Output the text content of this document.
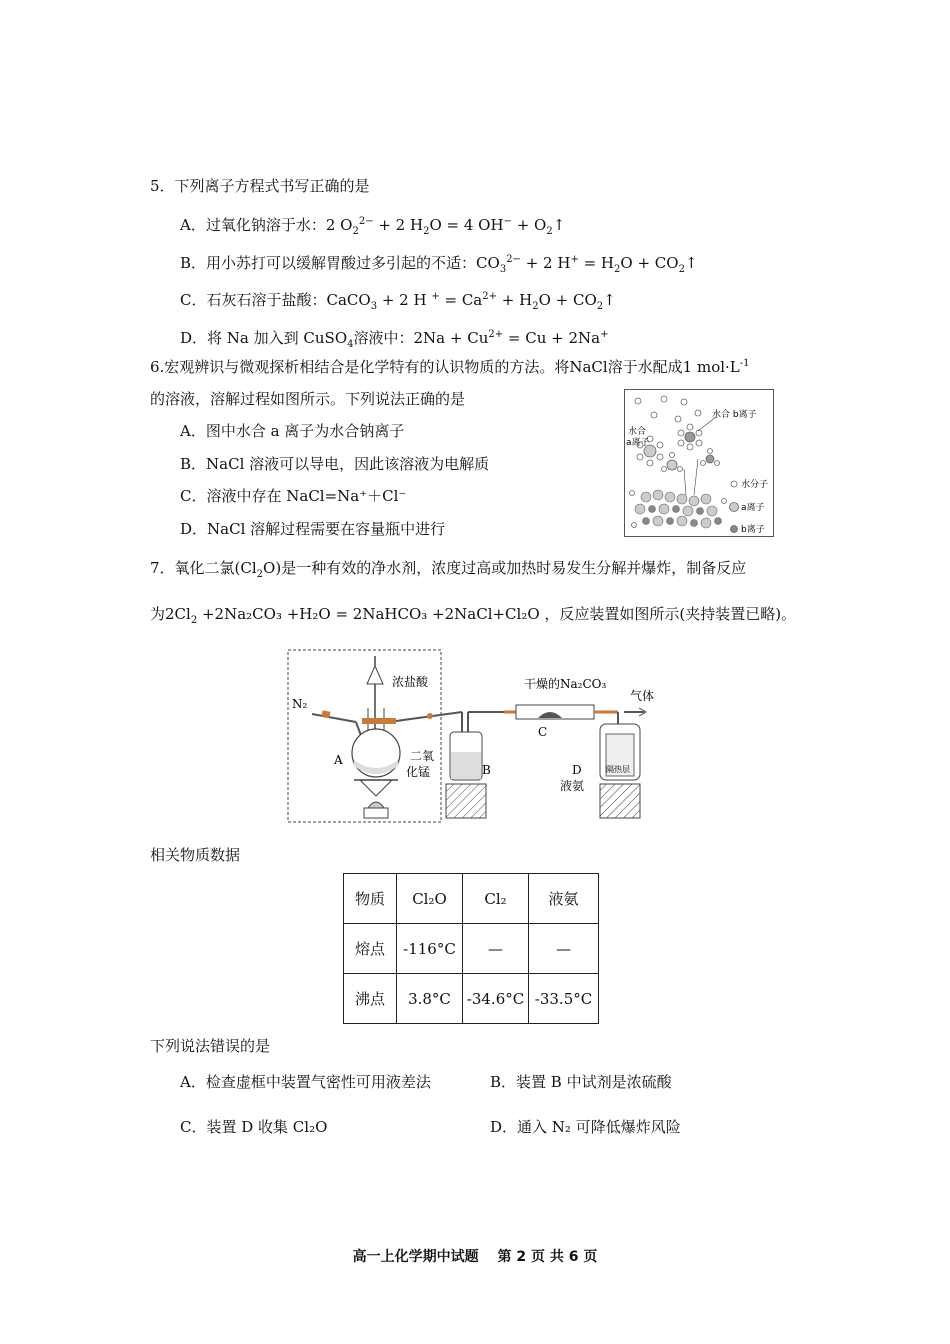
5．下列离子方程式书写正确的是
A．过氧化钠溶于水：2 $O_2^{2-} + 2$ $H_2O = 4$ $OH^- + O_2↑$
B．用小苏打可以缓解胃酸过多引起的不适：$CO_3^{2-} + 2$ $H^+ = H_2O$ + $CO_2↑$
C．石灰石溶于盐酸：CaCO$_3$ + 2 H $^+ = Ca^{2+} + H_2O$ + $CO_2↑$
D．将 Na 加入到 CuSO$_4$溶液中：$2Na + Cu^{2+} = Cu + 2Na^+$
6.宏观辨识与微观探析相结合是化学特有的认识物质的方法。将NaCl溶于水配成1 $mol\cdot L^{-1}$
的溶液，溶解过程如图所示。下列说法正确的是
A．图中水合 a 离子为水合钠离子
B．NaCl 溶液可以导电，因此该溶液为电解质
C．溶液中存在 NaCl=Na⁺＋Cl⁻
D．NaCl 溶解过程需要在容量瓶中进行
水合 b离子
水合
a离子
水分子
a离子
b离子
7．氧化二氯$(Cl_2O)$是一种有效的净水剂，浓度过高或加热时易发生分解并爆炸，制备反应
为$2Cl_2 +2Na_2CO_3 +H_2O$ = 2NaHCO₃ +2NaCl+Cl₂O ，反应装置如图所示(夹持装置已略)。
N₂
浓盐酸
二氧
化锰
A
B
C
D
干燥的Na₂CO₃
气体
液氨
隔热层
相关物质数据
物质	Cl₂O	Cl₂	液氨
熔点	-116°C	—	—
沸点	3.8°C	-34.6°C	-33.5°C
下列说法错误的是
A．检查虚框中装置气密性可用液差法	B．装置 B 中试剂是浓硫酸
C．装置 D 收集 Cl₂O	D．通入 N₂ 可降低爆炸风险
高一上化学期中试题　 第 2 页 共 6 页
